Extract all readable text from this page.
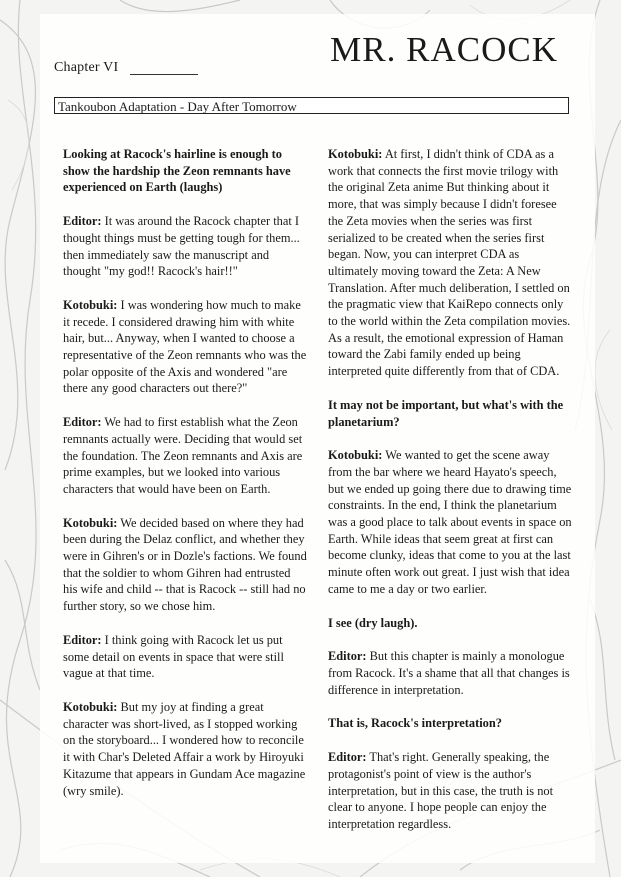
Chapter VI	MR. RACOCK
Tankoubon Adaptation - Day After Tomorrow

Looking at Racock's hairline is enough to show the hardship the Zeon remnants have experienced on Earth (laughs)

Editor: It was around the Racock chapter that I thought things must be getting tough for them... then immediately saw the manuscript and thought "my god!! Racock's hair!!"

Kotobuki: I was wondering how much to make it recede. I considered drawing him with white hair, but... Anyway, when I wanted to choose a representative of the Zeon remnants who was the polar opposite of the Axis and wondered "are there any good characters out there?"

Editor: We had to first establish what the Zeon remnants actually were. Deciding that would set the foundation. The Zeon remnants and Axis are prime examples, but we looked into various characters that would have been on Earth.

Kotobuki: We decided based on where they had been during the Delaz conflict, and whether they were in Gihren's or in Dozle's factions. We found that the soldier to whom Gihren had entrusted his wife and child -- that is Racock -- still had no further story, so we chose him.

Editor: I think going with Racock let us put some detail on events in space that were still vague at that time.

Kotobuki: But my joy at finding a great character was short-lived, as I stopped working on the storyboard... I wondered how to reconcile it with Char's Deleted Affair a work by Hiroyuki Kitazume that appears in Gundam Ace magazine (wry smile).

Kotobuki: At first, I didn't think of CDA as a work that connects the first movie trilogy with the original Zeta anime But thinking about it more, that was simply because I didn't foresee the Zeta movies when the series was first serialized to be created when the series first began. Now, you can interpret CDA as ultimately moving toward the Zeta: A New Translation. After much deliberation, I settled on the pragmatic view that KaiRepo connects only to the world within the Zeta compilation movies. As a result, the emotional expression of Haman toward the Zabi family ended up being interpreted quite differently from that of CDA.

It may not be important, but what's with the planetarium?

Kotobuki: We wanted to get the scene away from the bar where we heard Hayato's speech, but we ended up going there due to drawing time constraints. In the end, I think the planetarium was a good place to talk about events in space on Earth. While ideas that seem great at first can become clunky, ideas that come to you at the last minute often work out great. I just wish that idea came to me a day or two earlier.

I see (dry laugh).

Editor: But this chapter is mainly a monologue from Racock. It's a shame that all that changes is difference in interpretation.

That is, Racock's interpretation?

Editor: That's right. Generally speaking, the protagonist's point of view is the author's interpretation, but in this case, the truth is not clear to anyone. I hope people can enjoy the interpretation regardless.
